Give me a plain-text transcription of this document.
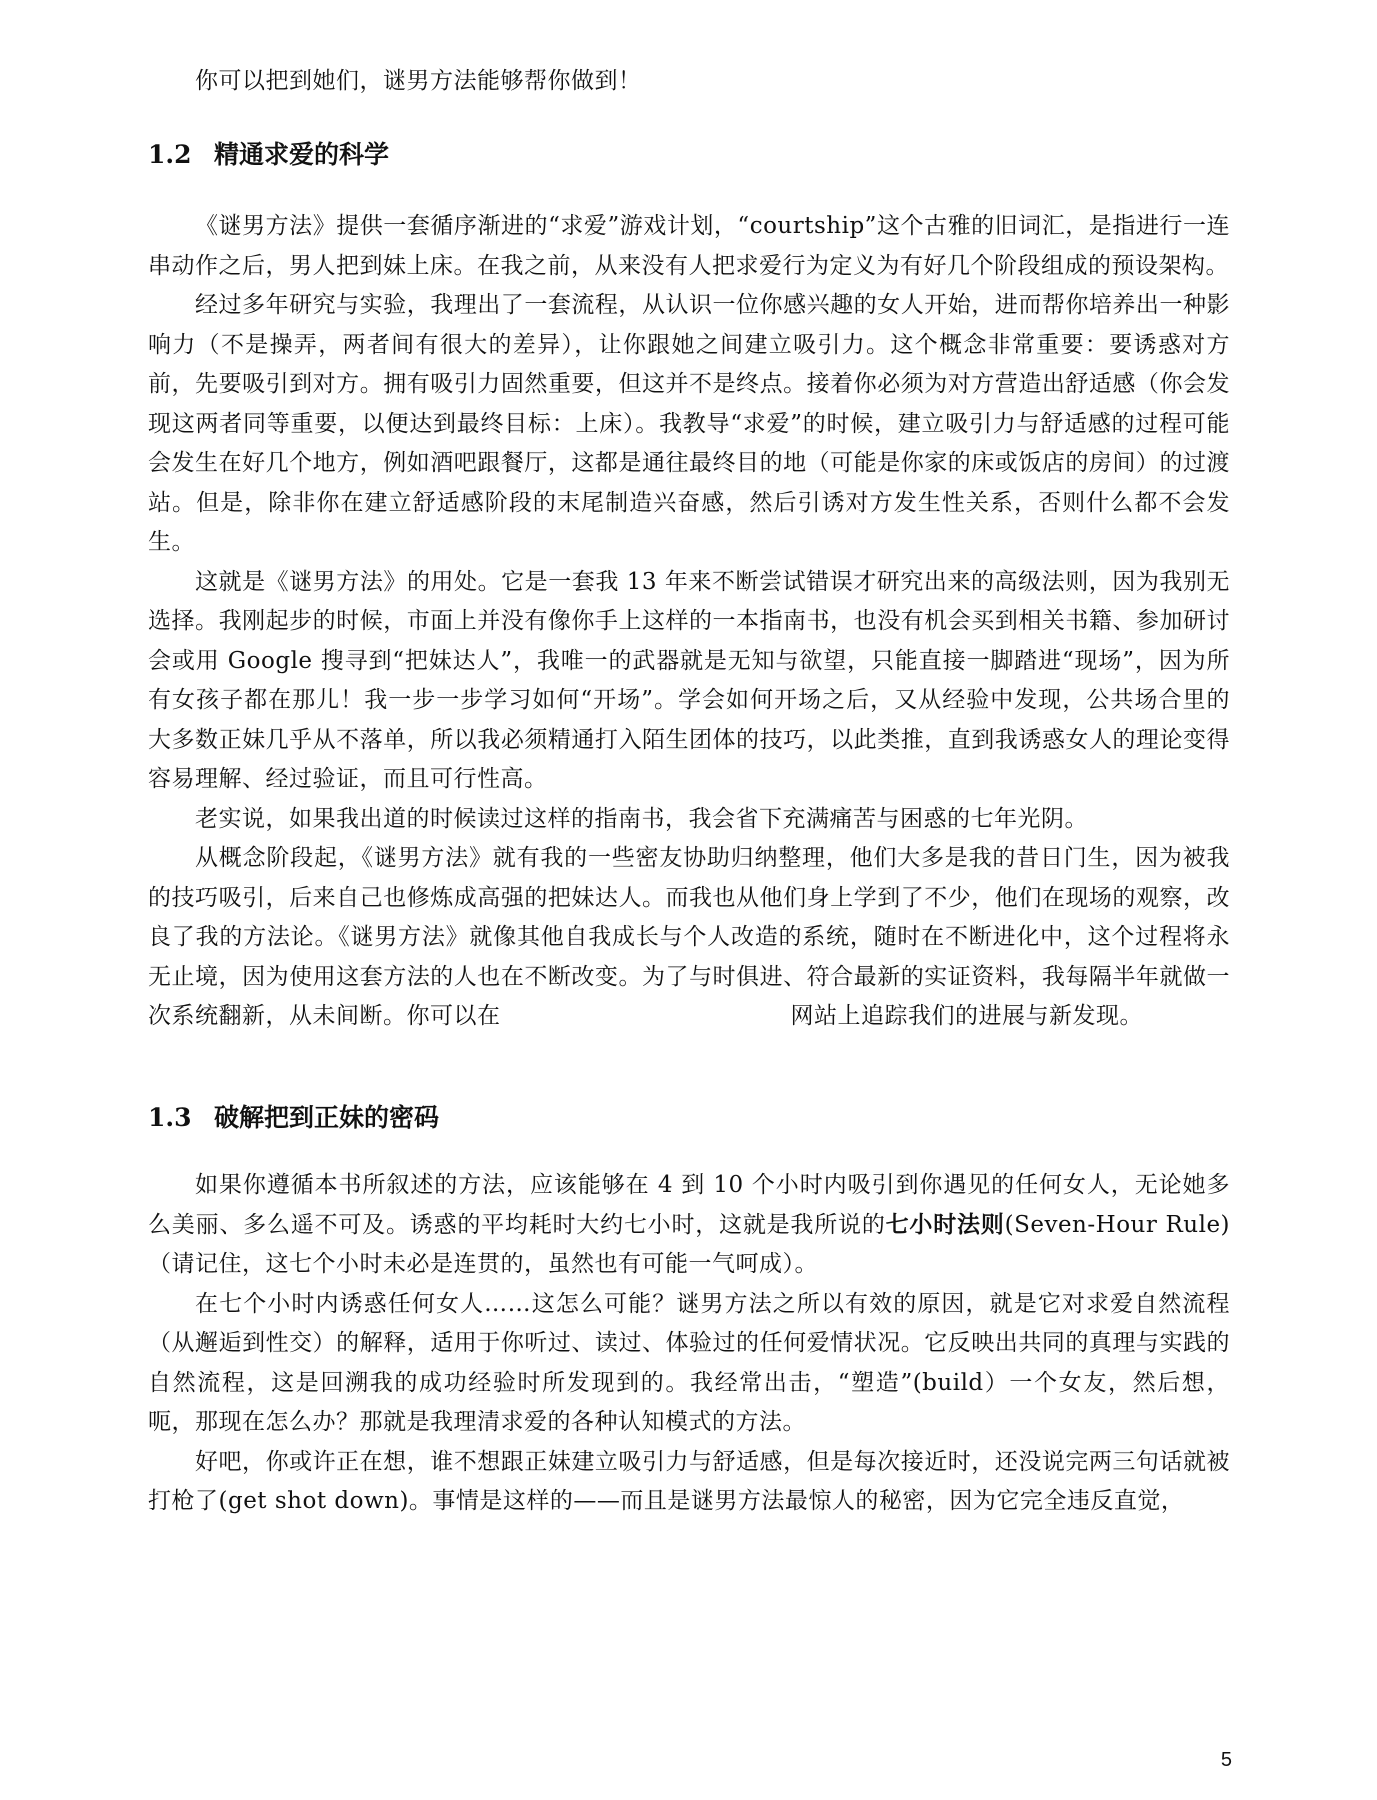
你可以把到她们，谜男方法能够帮你做到！

1.2 精通求爱的科学

《谜男方法》提供一套循序渐进的“求爱”游戏计划，“courtship”这个古雅的旧词汇，是指进行一连串动作之后，男人把到妹上床。在我之前，从来没有人把求爱行为定义为有好几个阶段组成的预设架构。

经过多年研究与实验，我理出了一套流程，从认识一位你感兴趣的女人开始，进而帮你培养出一种影响力（不是操弄，两者间有很大的差异），让你跟她之间建立吸引力。这个概念非常重要：要诱惑对方前，先要吸引到对方。拥有吸引力固然重要，但这并不是终点。接着你必须为对方营造出舒适感（你会发现这两者同等重要，以便达到最终目标：上床）。我教导“求爱”的时候，建立吸引力与舒适感的过程可能会发生在好几个地方，例如酒吧跟餐厅，这都是通往最终目的地（可能是你家的床或饭店的房间）的过渡站。但是，除非你在建立舒适感阶段的末尾制造兴奋感，然后引诱对方发生性关系，否则什么都不会发生。

这就是《谜男方法》的用处。它是一套我 13 年来不断尝试错误才研究出来的高级法则，因为我别无选择。我刚起步的时候，市面上并没有像你手上这样的一本指南书，也没有机会买到相关书籍、参加研讨会或用 Google 搜寻到“把妹达人”，我唯一的武器就是无知与欲望，只能直接一脚踏进“现场”，因为所有女孩子都在那儿！我一步一步学习如何“开场”。学会如何开场之后，又从经验中发现，公共场合里的大多数正妹几乎从不落单，所以我必须精通打入陌生团体的技巧，以此类推，直到我诱惑女人的理论变得容易理解、经过验证，而且可行性高。

老实说，如果我出道的时候读过这样的指南书，我会省下充满痛苦与困惑的七年光阴。

从概念阶段起，《谜男方法》就有我的一些密友协助归纳整理，他们大多是我的昔日门生，因为被我的技巧吸引，后来自己也修炼成高强的把妹达人。而我也从他们身上学到了不少，他们在现场的观察，改良了我的方法论。《谜男方法》就像其他自我成长与个人改造的系统，随时在不断进化中，这个过程将永无止境，因为使用这套方法的人也在不断改变。为了与时俱进、符合最新的实证资料，我每隔半年就做一次系统翻新，从未间断。你可以在	网站上追踪我们的进展与新发现。

1.3 破解把到正妹的密码

如果你遵循本书所叙述的方法，应该能够在 4 到 10 个小时内吸引到你遇见的任何女人，无论她多么美丽、多么遥不可及。诱惑的平均耗时大约七小时，这就是我所说的七小时法则(Seven-Hour Rule)（请记住，这七个小时未必是连贯的，虽然也有可能一气呵成）。

在七个小时内诱惑任何女人……这怎么可能？谜男方法之所以有效的原因，就是它对求爱自然流程（从邂逅到性交）的解释，适用于你听过、读过、体验过的任何爱情状况。它反映出共同的真理与实践的自然流程，这是回溯我的成功经验时所发现到的。我经常出击，“塑造”(build）一个女友，然后想，呃，那现在怎么办？那就是我理清求爱的各种认知模式的方法。

好吧，你或许正在想，谁不想跟正妹建立吸引力与舒适感，但是每次接近时，还没说完两三句话就被打枪了(get shot down)。事情是这样的——而且是谜男方法最惊人的秘密，因为它完全违反直觉，

5
